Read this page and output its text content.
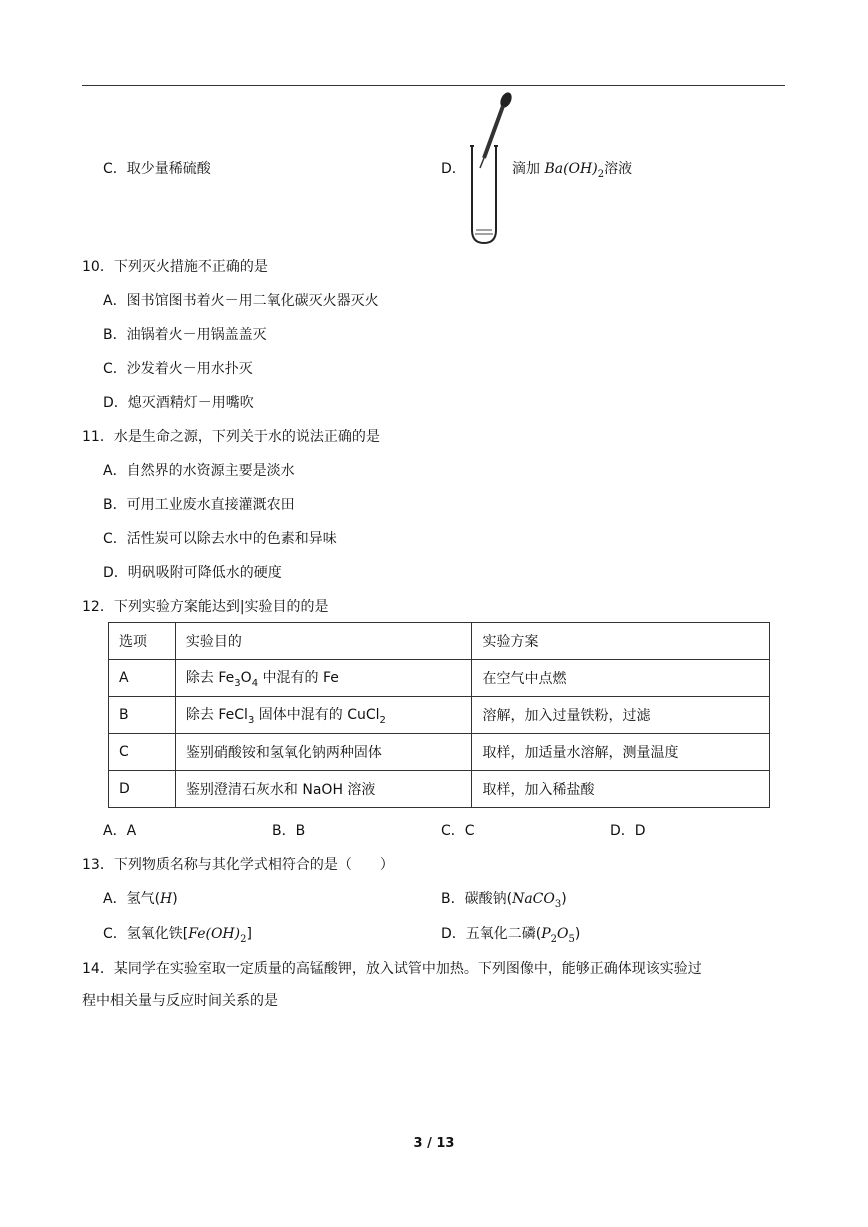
C．取少量稀硫酸	D．	滴加 $Ba(OH)_2$溶液
10．下列灭火措施不正确的是
A．图书馆图书着火－用二氧化碳灭火器灭火
B．油锅着火－用锅盖盖灭
C．沙发着火－用水扑灭
D．熄灭酒精灯－用嘴吹
11．水是生命之源，下列关于水的说法正确的是
A．自然界的水资源主要是淡水
B．可用工业废水直接灌溉农田
C．活性炭可以除去水中的色素和异味
D．明矾吸附可降低水的硬度
12．下列实验方案能达到|实验目的的是
选项	实验目的	实验方案
A	除去 $Fe_3O_4$ 中混有的 Fe	在空气中点燃
B	除去 FeCl$_3$ 固体中混有的 CuCl$_2$	溶解，加入过量铁粉，过滤
C	鉴别硝酸铵和氢氧化钠两种固体	取样，加适量水溶解，测量温度
D	鉴别澄清石灰水和 NaOH 溶液	取样，加入稀盐酸
A．A	B．B	C．C	D．D
13．下列物质名称与其化学式相符合的是（　　）
A．氢气(H)	B．碳酸钠(NaCO$_3$)
C．氢氧化铁$[Fe(OH)_2]$	D．五氧化二磷$(P_2O_5)$
14．某同学在实验室取一定质量的高锰酸钾，放入试管中加热。下列图像中，能够正确体现该实验过
程中相关量与反应时间关系的是
3 / 13
